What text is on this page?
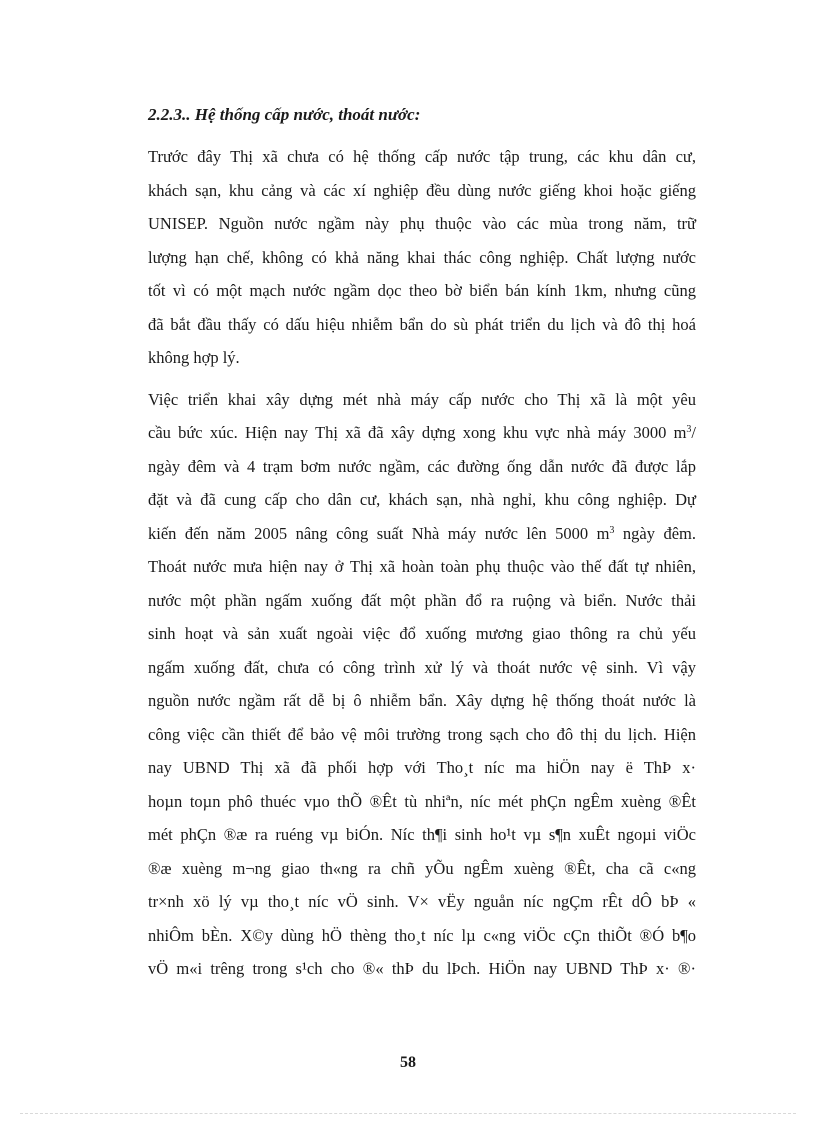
2.2.3.. Hệ thống cấp nước, thoát nước:
Trước đây Thị xã chưa có hệ thống cấp nước tập trung, các khu dân cư,
khách sạn, khu cảng và các xí nghiệp đều dùng nước giếng khoi hoặc giếng
UNISEP. Nguồn nước ngầm này phụ thuộc vào các mùa trong năm, trữ
lượng hạn chế, không có khả năng khai thác công nghiệp. Chất lượng nước
tốt vì có một mạch nước ngầm dọc theo bờ biển bán kính 1km, nhưng cũng
đã bắt đầu thấy có dấu hiệu nhiễm bẩn do sù phát triển du lịch và đô thị hoá
không hợp lý.
Việc triển khai xây dựng mét nhà máy cấp nước cho Thị xã là một yêu
cầu bức xúc. Hiện nay Thị xã đã xây dựng xong khu vực nhà máy 3000 $m^3/$
ngày đêm và 4 trạm bơm nước ngầm, các đường ống dẫn nước đã được lắp
đặt và đã cung cấp cho dân cư, khách sạn, nhà nghỉ, khu công nghiệp. Dự
kiến đến năm 2005 nâng công suất Nhà máy nước lên 5000 $m^3$ ngày đêm.
Thoát nước mưa hiện nay ở Thị xã hoàn toàn phụ thuộc vào thế đất tự nhiên,
nước một phần ngấm xuống đất một phần đổ ra ruộng và biển. Nước thải
sinh hoạt và sản xuất ngoài việc đổ xuống mương giao thông ra chủ yếu
ngấm xuống đất, chưa có công trình xử lý và thoát nước vệ sinh. Vì vậy
nguồn nước ngầm rất dễ bị ô nhiễm bẩn. Xây dựng hệ thống thoát nước là
công việc cần thiết để bảo vệ môi trường trong sạch cho đô thị du lịch. Hiện
nay UBND Thị xã đã phối hợp với Tho¸t níc ma hiÖn nay ë ThÞ x·
hoµn toµn phô thuéc vµo thÕ ®Êt tù nhiªn, níc mét phÇn ngÊm xuèng ®Êt
mét phÇn ®æ ra ruéng vµ biÓn. Níc th¶i sinh ho¹t vµ s¶n xuÊt ngoµi viÖc
®æ xuèng m¬ng giao th«ng ra chñ yÕu ngÊm xuèng ®Êt, cha cã c«ng
tr×nh xö lý vµ tho¸t níc vÖ sinh. V× vËy nguån níc ngÇm rÊt dÔ bÞ «
nhiÔm bÈn. X©y dùng hÖ thèng tho¸t níc lµ c«ng viÖc cÇn thiÕt ®Ó b¶o
vÖ m«i trêng trong s¹ch cho ®« thÞ du lÞch. HiÖn nay UBND ThÞ x· ®·
58
